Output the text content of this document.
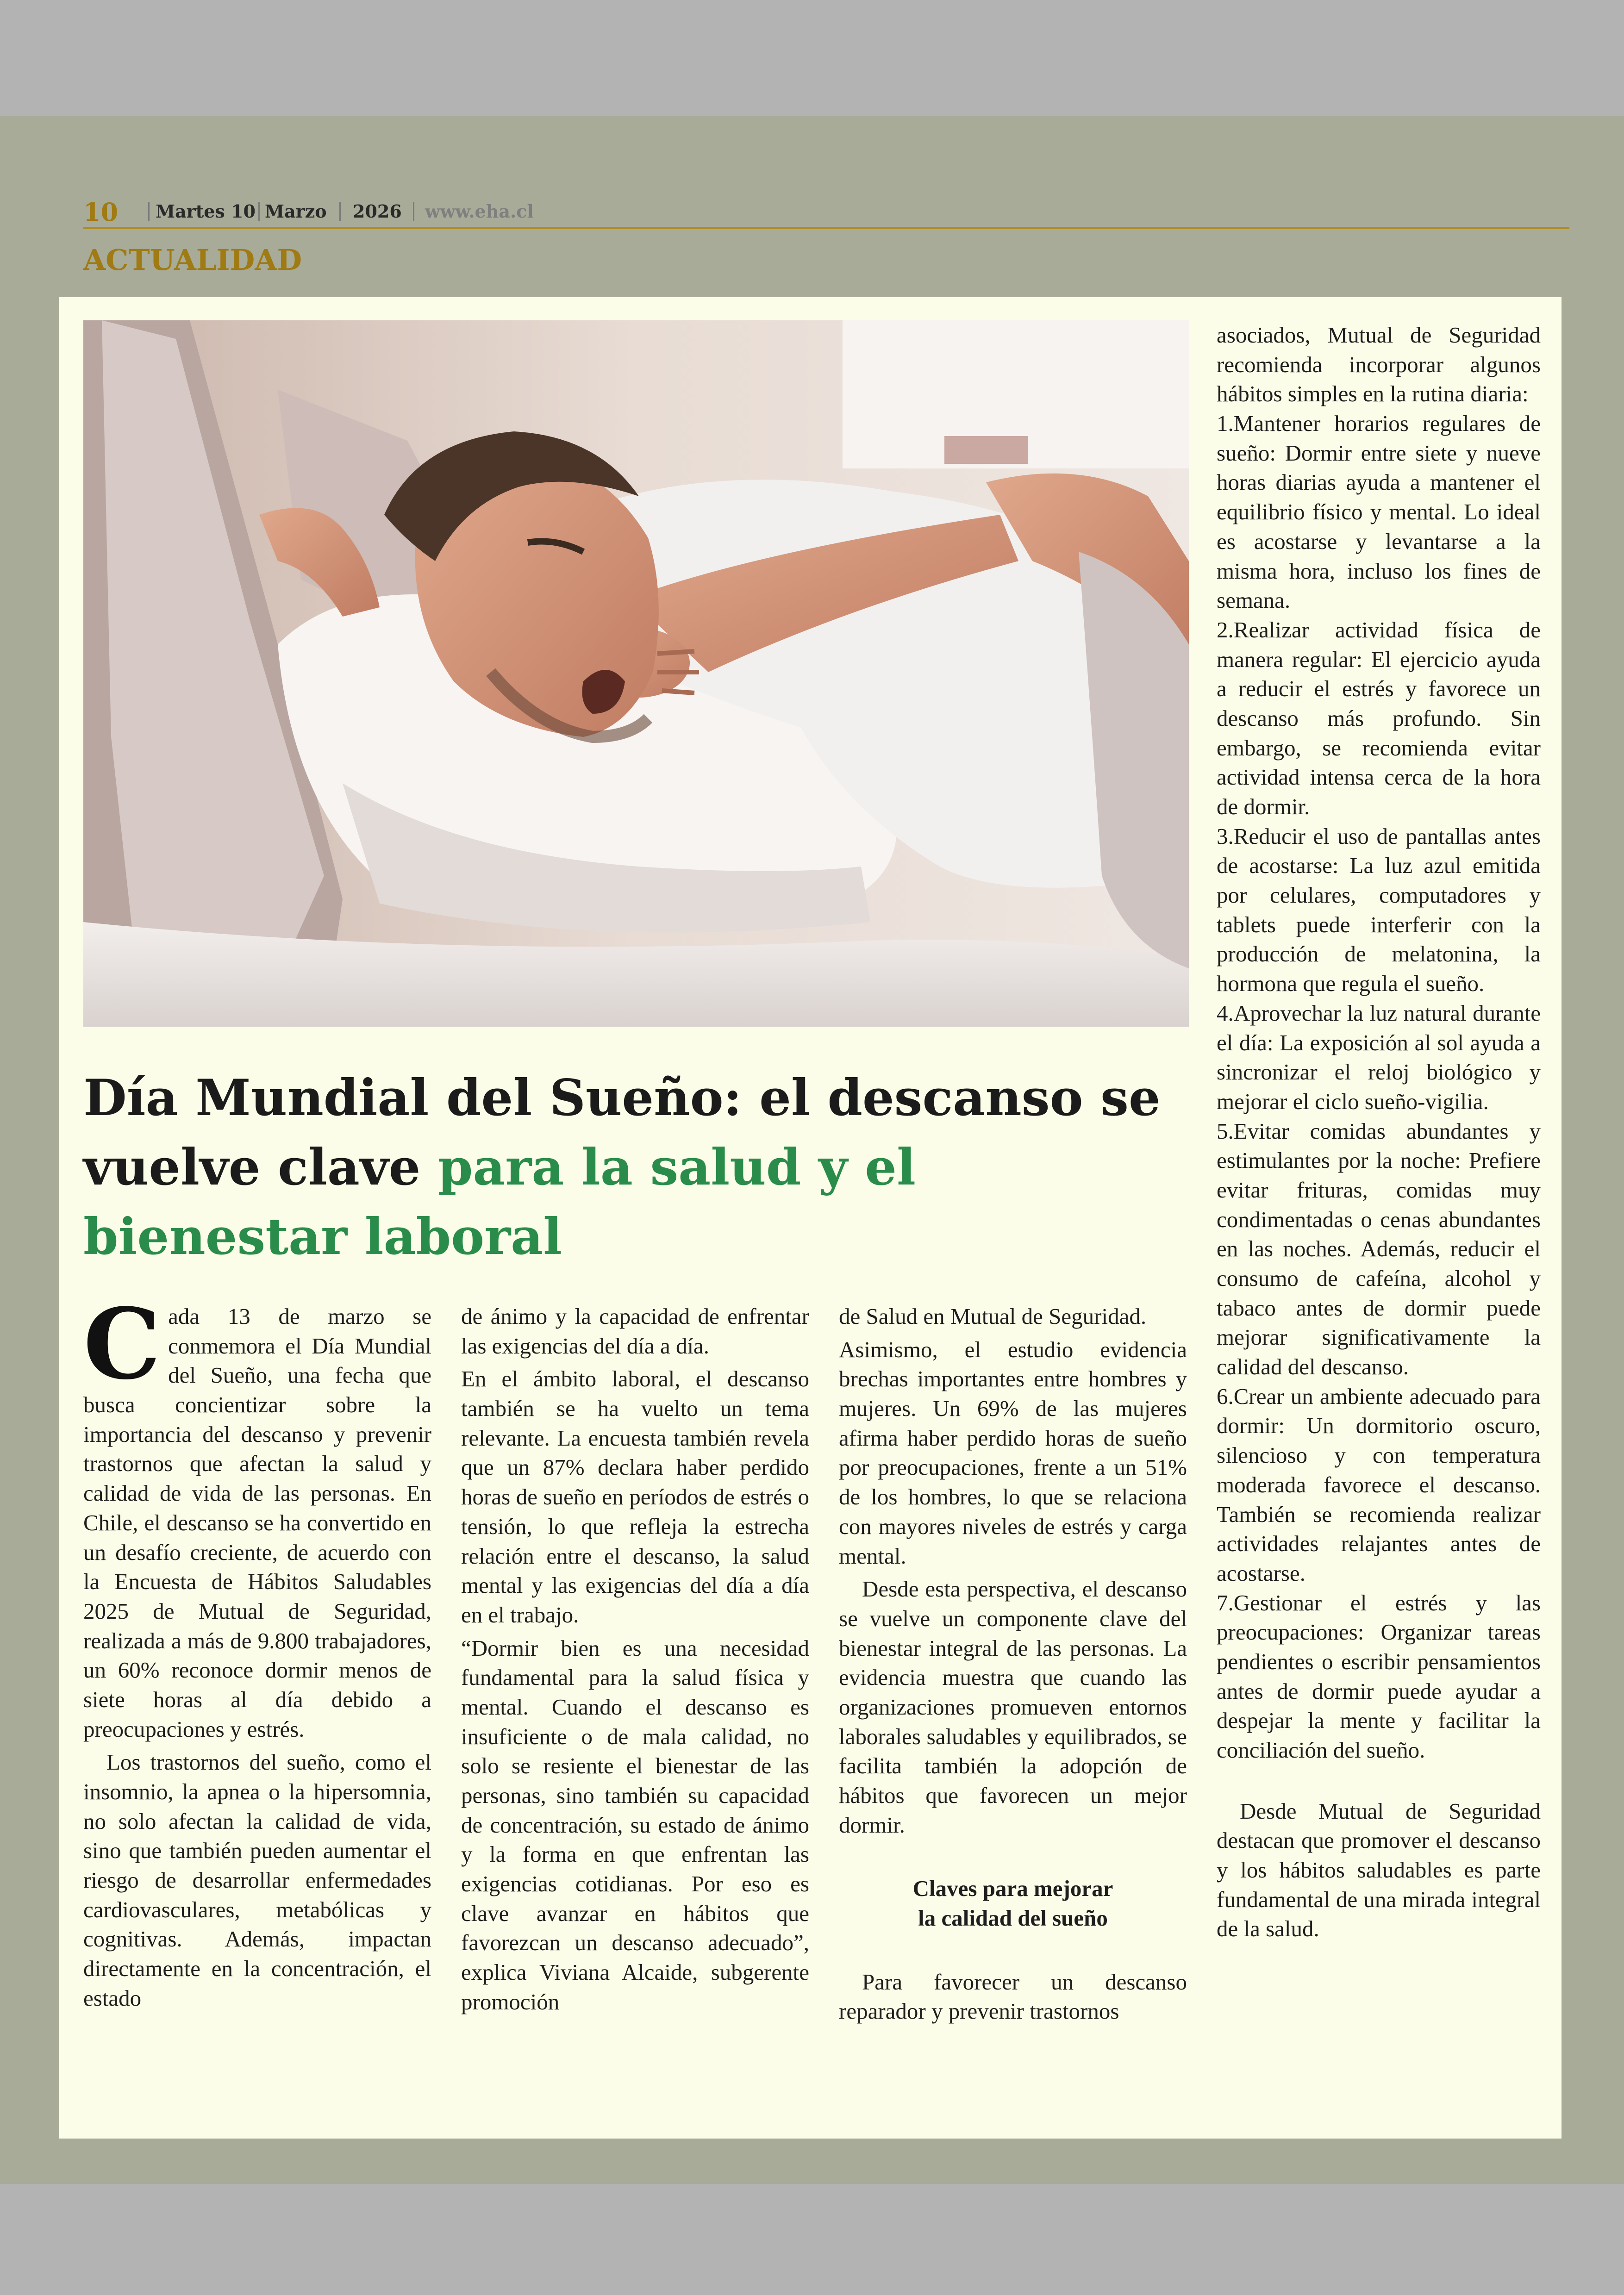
10 Martes 10 Marzo 2026 www.eha.cl
ACTUALIDAD
Día Mundial del Sueño: el descanso se vuelve clave para la salud y el bienestar laboral
C ada 13 de marzo se conmemora el Día Mundial del Sueño, una fecha que busca concientizar sobre la importancia del descanso y prevenir trastornos que afectan la salud y calidad de vida de las personas. En Chile, el descanso se ha convertido en un desafío creciente, de acuerdo con la Encuesta de Hábitos Saludables 2025 de Mutual de Seguridad, realizada a más de 9.800 trabajadores, un 60% reconoce dormir menos de siete horas al día debido a preocupaciones y estrés.

Los trastornos del sueño, como el insomnio, la apnea o la hipersomnia, no solo afectan la calidad de vida, sino que también pueden aumentar el riesgo de desarrollar enfermedades cardiovasculares, metabólicas y cognitivas. Además, impactan directamente en la concentración, el estado

de ánimo y la capacidad de enfrentar las exigencias del día a día.

En el ámbito laboral, el descanso también se ha vuelto un tema relevante. La encuesta también revela que un 87% declara haber perdido horas de sueño en períodos de estrés o tensión, lo que refleja la estrecha relación entre el descanso, la salud mental y las exigencias del día a día en el trabajo.

“Dormir bien es una necesidad fundamental para la salud física y mental. Cuando el descanso es insuficiente o de mala calidad, no solo se resiente el bienestar de las personas, sino también su capacidad de concentración, su estado de ánimo y la forma en que enfrentan las exigencias cotidianas. Por eso es clave avanzar en hábitos que favorezcan un descanso adecuado”, explica Viviana Alcaide, subgerente promoción

de Salud en Mutual de Seguridad.

Asimismo, el estudio evidencia brechas importantes entre hombres y mujeres. Un 69% de las mujeres afirma haber perdido horas de sueño por preocupaciones, frente a un 51% de los hombres, lo que se relaciona con mayores niveles de estrés y carga mental.

Desde esta perspectiva, el descanso se vuelve un componente clave del bienestar integral de las personas. La evidencia muestra que cuando las organizaciones promueven entornos laborales saludables y equilibrados, se facilita también la adopción de hábitos que favorecen un mejor dormir.

Claves para mejorar
la calidad del sueño

Para favorecer un descanso reparador y prevenir trastornos

asociados, Mutual de Seguridad recomienda incorporar algunos hábitos simples en la rutina diaria:

1.Mantener horarios regulares de sueño: Dormir entre siete y nueve horas diarias ayuda a mantener el equilibrio físico y mental. Lo ideal es acostarse y levantarse a la misma hora, incluso los fines de semana.

2.Realizar actividad física de manera regular: El ejercicio ayuda a reducir el estrés y favorece un descanso más profundo. Sin embargo, se recomienda evitar actividad intensa cerca de la hora de dormir.

3.Reducir el uso de pantallas antes de acostarse: La luz azul emitida por celulares, computadores y tablets puede interferir con la producción de melatonina, la hormona que regula el sueño.

4.Aprovechar la luz natural durante el día: La exposición al sol ayuda a sincronizar el reloj biológico y mejorar el ciclo sueño-vigilia.

5.Evitar comidas abundantes y estimulantes por la noche: Prefiere evitar frituras, comidas muy condimentadas o cenas abundantes en las noches. Además, reducir el consumo de cafeína, alcohol y tabaco antes de dormir puede mejorar significativamente la calidad del descanso.

6.Crear un ambiente adecuado para dormir: Un dormitorio oscuro, silencioso y con temperatura moderada favorece el descanso. También se recomienda realizar actividades relajantes antes de acostarse.

7.Gestionar el estrés y las preocupaciones: Organizar tareas pendientes o escribir pensamientos antes de dormir puede ayudar a despejar la mente y facilitar la conciliación del sueño.

Desde Mutual de Seguridad destacan que promover el descanso y los hábitos saludables es parte fundamental de una mirada integral de la salud.
